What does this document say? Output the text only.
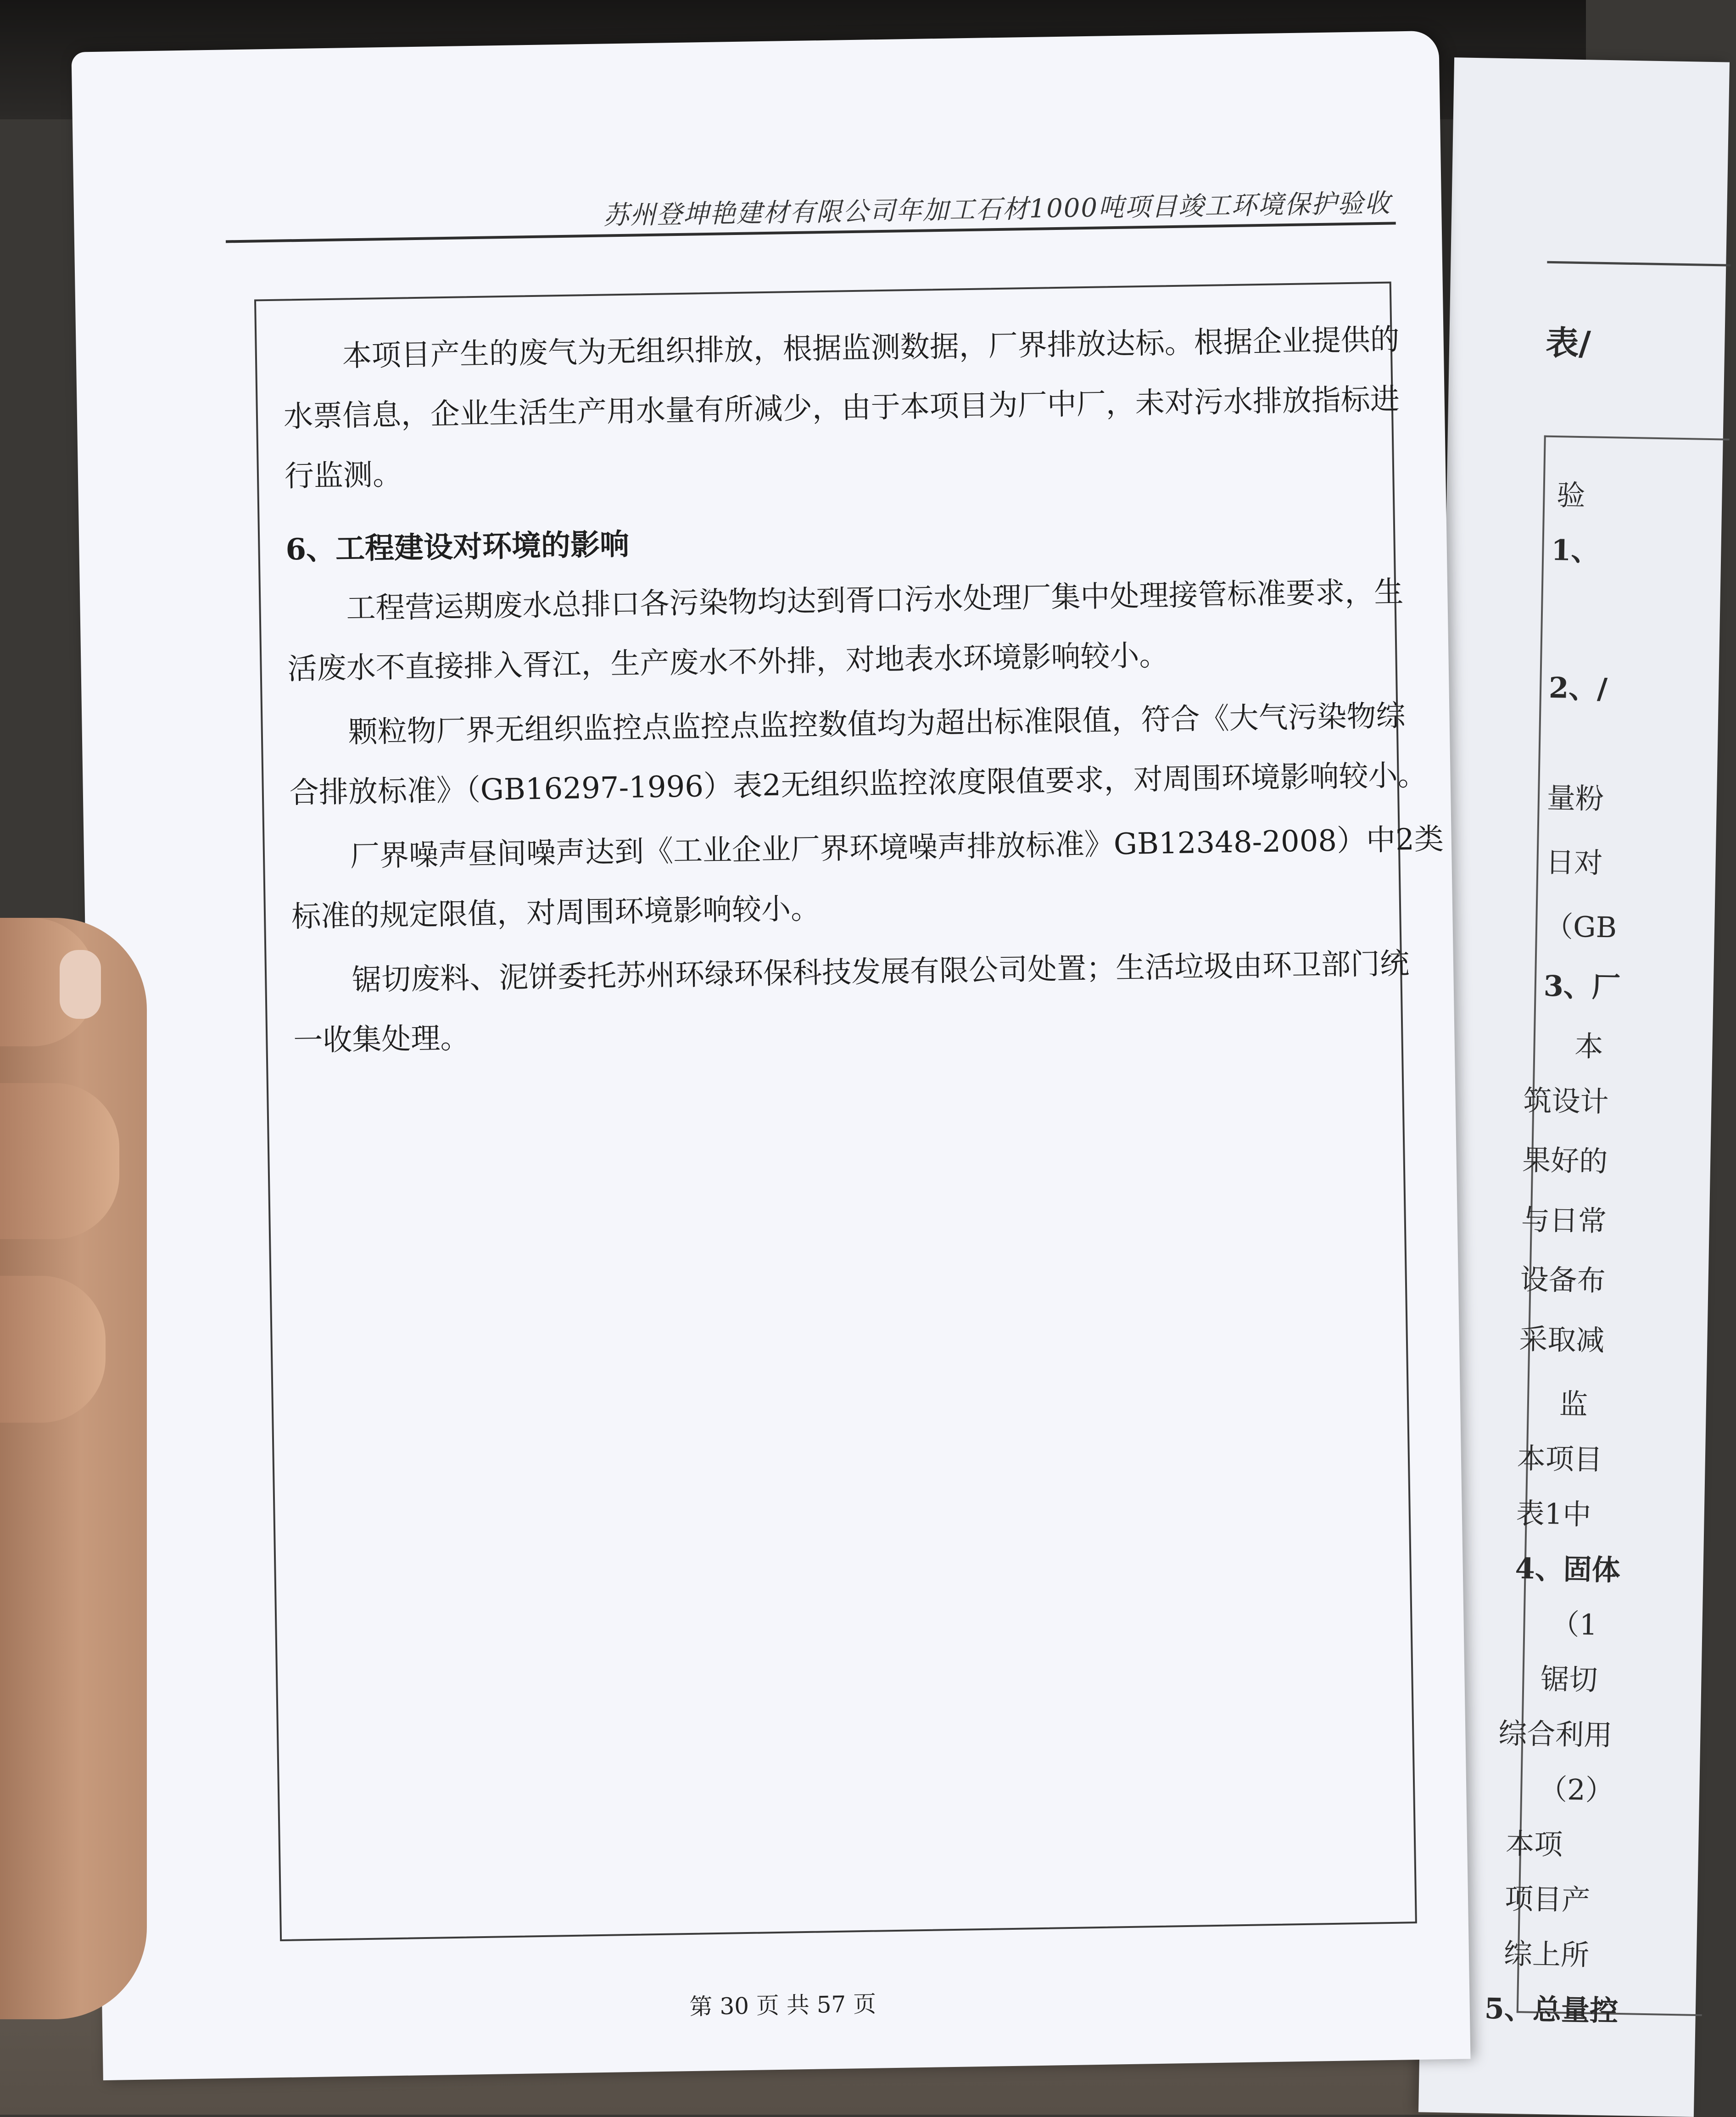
表/
验
1、
2、/
量粉
日对
（GB
3、厂
本
筑设计
果好的
与日常
设备布
采取减
监
本项目
表1中
4、固体
（1
锯切
综合利用
（2）
本项
项目产
综上所
5、总量控
苏州登坤艳建材有限公司年加工石材1000吨项目竣工环境保护验收
本项目产生的废气为无组织排放，根据监测数据，厂界排放达标。根据企业提供的
水票信息，企业生活生产用水量有所减少，由于本项目为厂中厂，未对污水排放指标进
行监测。
6、工程建设对环境的影响
工程营运期废水总排口各污染物均达到胥口污水处理厂集中处理接管标准要求，生
活废水不直接排入胥江，生产废水不外排，对地表水环境影响较小。
颗粒物厂界无组织监控点监控点监控数值均为超出标准限值，符合《大气污染物综
合排放标准》（GB16297-1996）表2无组织监控浓度限值要求，对周围环境影响较小。
厂界噪声昼间噪声达到《工业企业厂界环境噪声排放标准》GB12348-2008）中2类
标准的规定限值，对周围环境影响较小。
锯切废料、泥饼委托苏州环绿环保科技发展有限公司处置；生活垃圾由环卫部门统
一收集处理。
第 30 页 共 57 页
